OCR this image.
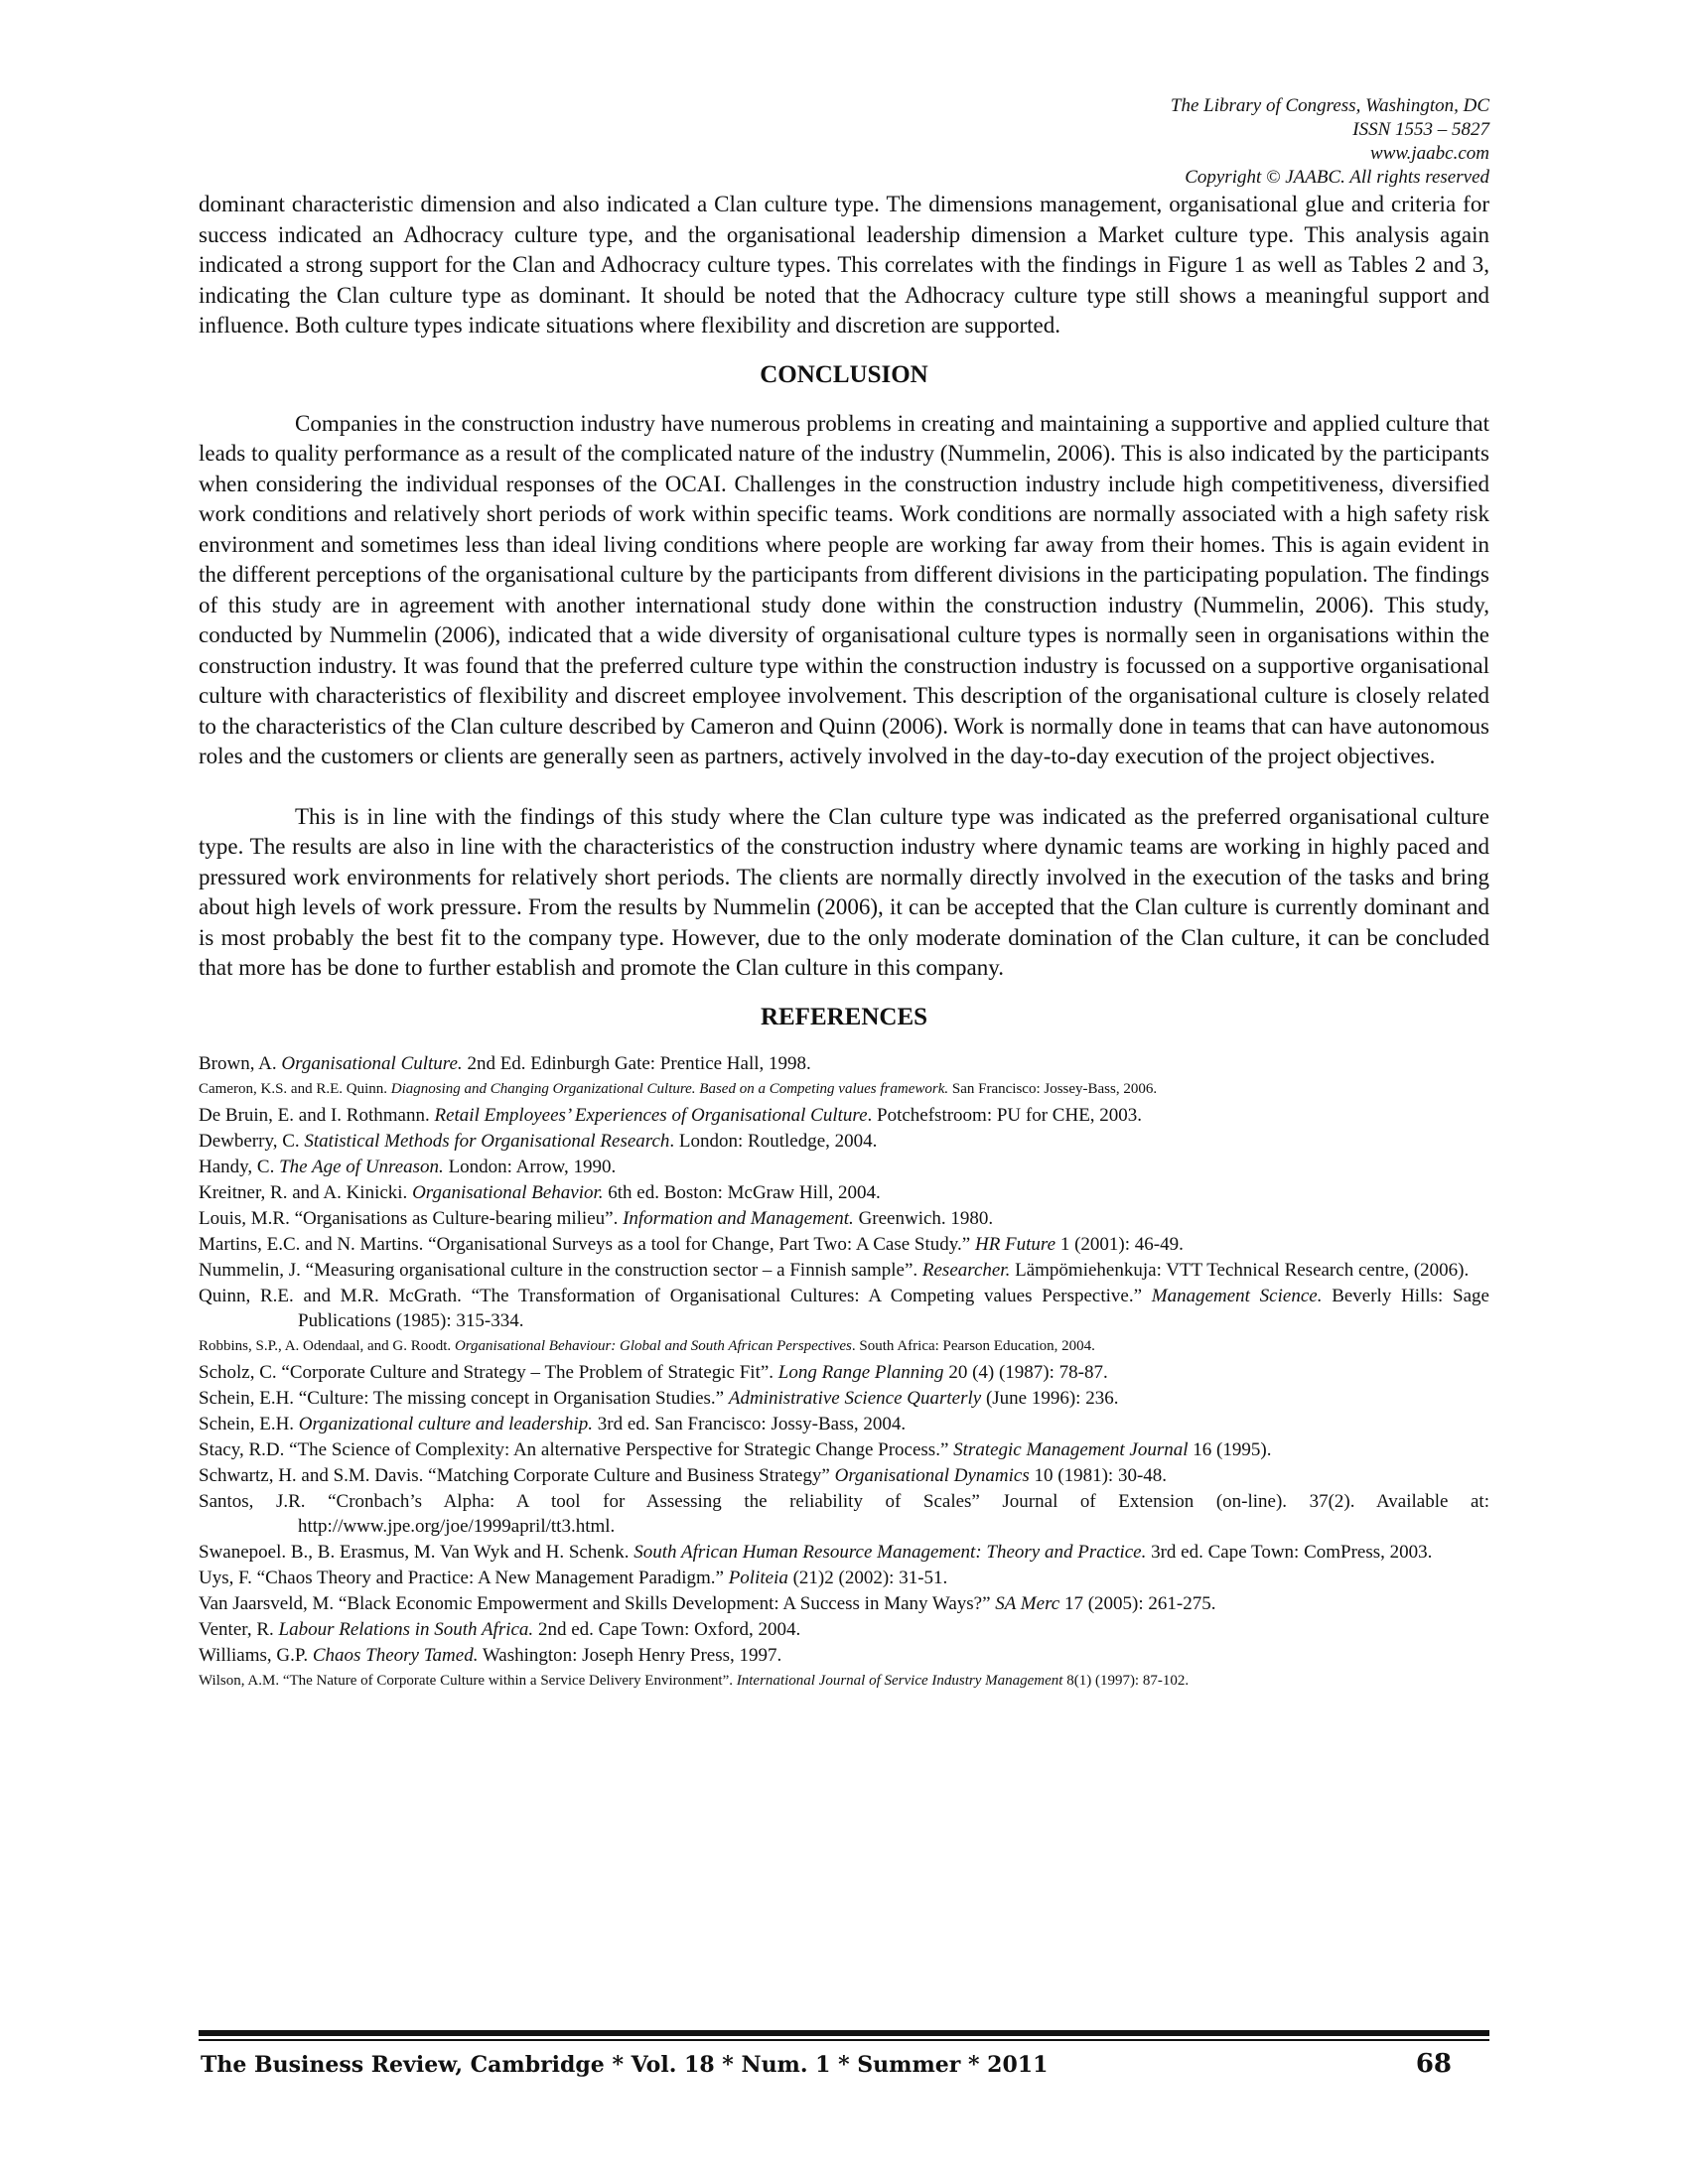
The Library of Congress, Washington, DC
ISSN 1553 – 5827
www.jaabc.com
Copyright © JAABC. All rights reserved

dominant characteristic dimension and also indicated a Clan culture type. The dimensions management, organisational glue and criteria for success indicated an Adhocracy culture type, and the organisational leadership dimension a Market culture type. This analysis again indicated a strong support for the Clan and Adhocracy culture types. This correlates with the findings in Figure 1 as well as Tables 2 and 3, indicating the Clan culture type as dominant. It should be noted that the Adhocracy culture type still shows a meaningful support and influence. Both culture types indicate situations where flexibility and discretion are supported.

CONCLUSION

Companies in the construction industry have numerous problems in creating and maintaining a supportive and applied culture that leads to quality performance as a result of the complicated nature of the industry (Nummelin, 2006). This is also indicated by the participants when considering the individual responses of the OCAI. Challenges in the construction industry include high competitiveness, diversified work conditions and relatively short periods of work within specific teams. Work conditions are normally associated with a high safety risk environment and sometimes less than ideal living conditions where people are working far away from their homes. This is again evident in the different perceptions of the organisational culture by the participants from different divisions in the participating population. The findings of this study are in agreement with another international study done within the construction industry (Nummelin, 2006). This study, conducted by Nummelin (2006), indicated that a wide diversity of organisational culture types is normally seen in organisations within the construction industry. It was found that the preferred culture type within the construction industry is focussed on a supportive organisational culture with characteristics of flexibility and discreet employee involvement. This description of the organisational culture is closely related to the characteristics of the Clan culture described by Cameron and Quinn (2006). Work is normally done in teams that can have autonomous roles and the customers or clients are generally seen as partners, actively involved in the day-to-day execution of the project objectives.

This is in line with the findings of this study where the Clan culture type was indicated as the preferred organisational culture type. The results are also in line with the characteristics of the construction industry where dynamic teams are working in highly paced and pressured work environments for relatively short periods. The clients are normally directly involved in the execution of the tasks and bring about high levels of work pressure. From the results by Nummelin (2006), it can be accepted that the Clan culture is currently dominant and is most probably the best fit to the company type. However, due to the only moderate domination of the Clan culture, it can be concluded that more has be done to further establish and promote the Clan culture in this company.

REFERENCES

Brown, A. Organisational Culture. 2nd Ed. Edinburgh Gate: Prentice Hall, 1998.

Cameron, K.S. and R.E. Quinn. Diagnosing and Changing Organizational Culture. Based on a Competing values framework. San Francisco: Jossey-Bass, 2006.

De Bruin, E. and I. Rothmann. Retail Employees’ Experiences of Organisational Culture. Potchefstroom: PU for CHE, 2003.

Dewberry, C. Statistical Methods for Organisational Research. London: Routledge, 2004.

Handy, C. The Age of Unreason. London: Arrow, 1990.

Kreitner, R. and A. Kinicki. Organisational Behavior. 6th ed. Boston: McGraw Hill, 2004.

Louis, M.R. “Organisations as Culture-bearing milieu”. Information and Management. Greenwich. 1980.

Martins, E.C. and N. Martins. “Organisational Surveys as a tool for Change, Part Two: A Case Study.” HR Future 1 (2001): 46-49.

Nummelin, J. “Measuring organisational culture in the construction sector – a Finnish sample”. Researcher. Lämpömiehenkuja: VTT Technical Research centre, (2006).

Quinn, R.E. and M.R. McGrath. “The Transformation of Organisational Cultures: A Competing values Perspective.” Management Science. Beverly Hills: Sage Publications (1985): 315-334.

Robbins, S.P., A. Odendaal, and G. Roodt. Organisational Behaviour: Global and South African Perspectives. South Africa: Pearson Education, 2004.

Scholz, C. “Corporate Culture and Strategy – The Problem of Strategic Fit”. Long Range Planning 20 (4) (1987): 78-87.

Schein, E.H. “Culture: The missing concept in Organisation Studies.” Administrative Science Quarterly (June 1996): 236.

Schein, E.H. Organizational culture and leadership. 3rd ed. San Francisco: Jossy-Bass, 2004.

Stacy, R.D. “The Science of Complexity: An alternative Perspective for Strategic Change Process.” Strategic Management Journal 16 (1995).

Schwartz, H. and S.M. Davis. “Matching Corporate Culture and Business Strategy” Organisational Dynamics 10 (1981): 30-48.

Santos, J.R. “Cronbach’s Alpha: A tool for Assessing the reliability of Scales” Journal of Extension (on-line). 37(2). Available at: http://www.jpe.org/joe/1999april/tt3.html.

Swanepoel. B., B. Erasmus, M. Van Wyk and H. Schenk. South African Human Resource Management: Theory and Practice. 3rd ed. Cape Town: ComPress, 2003.

Uys, F. “Chaos Theory and Practice: A New Management Paradigm.” Politeia (21)2 (2002): 31-51.

Van Jaarsveld, M. “Black Economic Empowerment and Skills Development: A Success in Many Ways?” SA Merc 17 (2005): 261-275.

Venter, R. Labour Relations in South Africa. 2nd ed. Cape Town: Oxford, 2004.

Williams, G.P. Chaos Theory Tamed. Washington: Joseph Henry Press, 1997.

Wilson, A.M. “The Nature of Corporate Culture within a Service Delivery Environment”. International Journal of Service Industry Management 8(1) (1997): 87-102.

The Business Review, Cambridge * Vol. 18 * Num. 1 * Summer * 2011	68
